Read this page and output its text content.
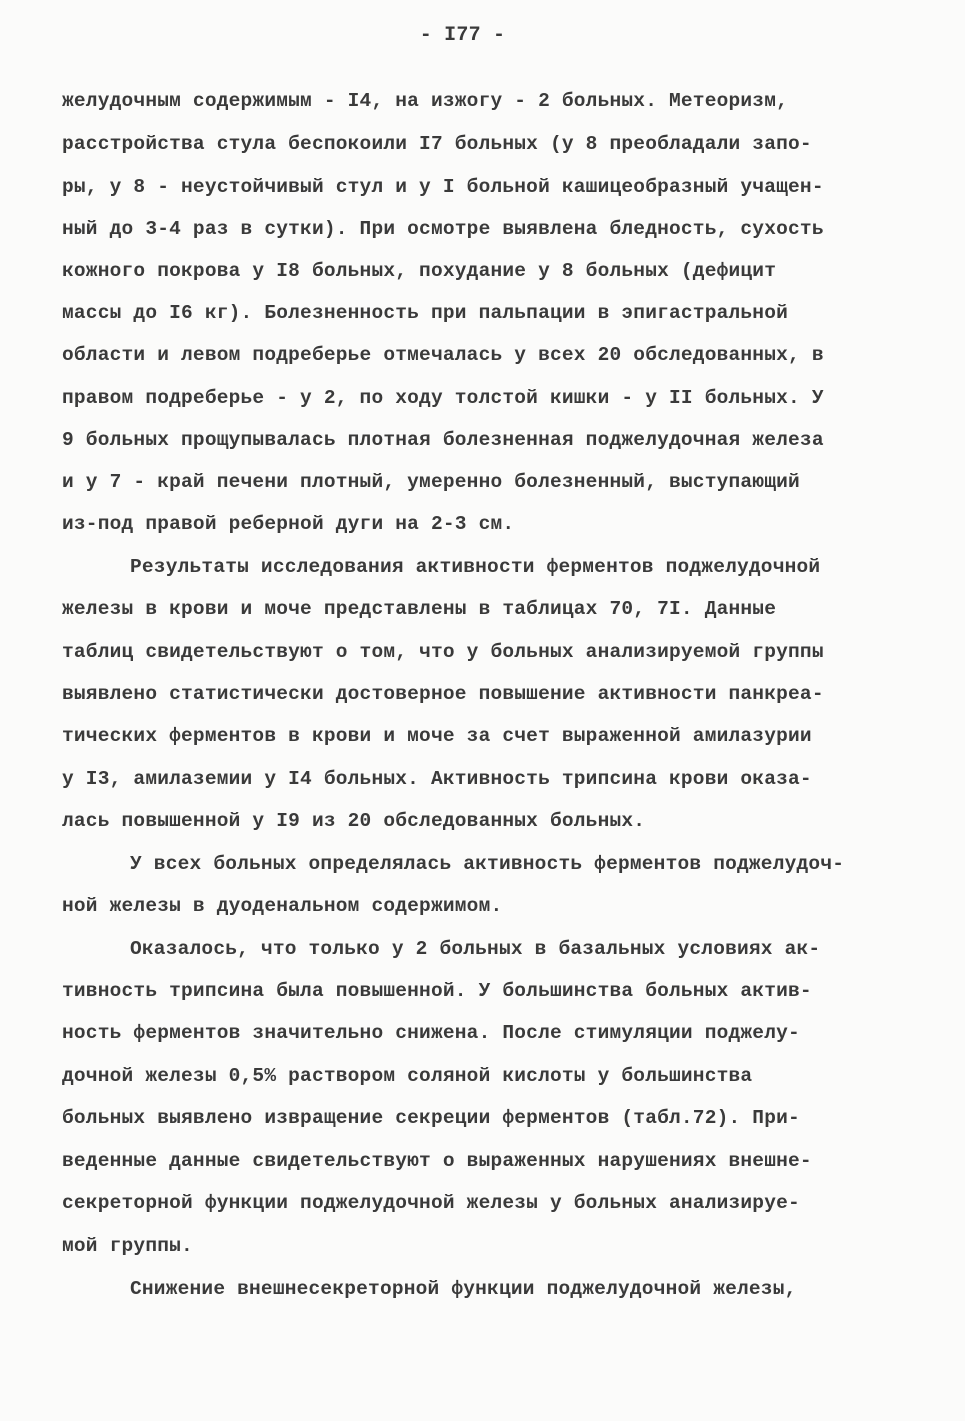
- I77 -
желудочным содержимым - I4, на изжогу - 2 больных. Метеоризм,
расстройства стула беспокоили I7 больных (у 8 преобладали запо-
ры, у 8 - неустойчивый стул и у I больной кашицеобразный учащен-
ный до 3-4 раз в сутки). При осмотре выявлена бледность, сухость
кожного покрова у I8 больных, похудание у 8 больных (дефицит
массы до I6 кг). Болезненность при пальпации в эпигастральной
области и левом подреберье отмечалась у всех 20 обследованных, в
правом подреберье - у 2, по ходу толстой кишки - у II больных. У
9 больных прощупывалась плотная болезненная поджелудочная железа
и у 7 - край печени плотный, умеренно болезненный, выступающий
из-под правой реберной дуги на 2-3 см.
Результаты исследования активности ферментов поджелудочной
железы в крови и моче представлены в таблицах 70, 7I. Данные
таблиц свидетельствуют о том, что у больных анализируемой группы
выявлено статистически достоверное повышение активности панкреа-
тических ферментов в крови и моче за счет выраженной амилазурии
у I3, амилаземии у I4 больных. Активность трипсина крови оказа-
лась повышенной у I9 из 20 обследованных больных.
У всех больных определялась активность ферментов поджелудоч-
ной железы в дуоденальном содержимом.
Оказалось, что только у 2 больных в базальных условиях ак-
тивность трипсина была повышенной. У большинства больных актив-
ность ферментов значительно снижена. После стимуляции поджелу-
дочной железы 0,5% раствором соляной кислоты у большинства
больных выявлено извращение секреции ферментов (табл.72). При-
веденные данные свидетельствуют о выраженных нарушениях внешне-
секреторной функции поджелудочной железы у больных анализируе-
мой группы.
Снижение внешнесекреторной функции поджелудочной железы,
